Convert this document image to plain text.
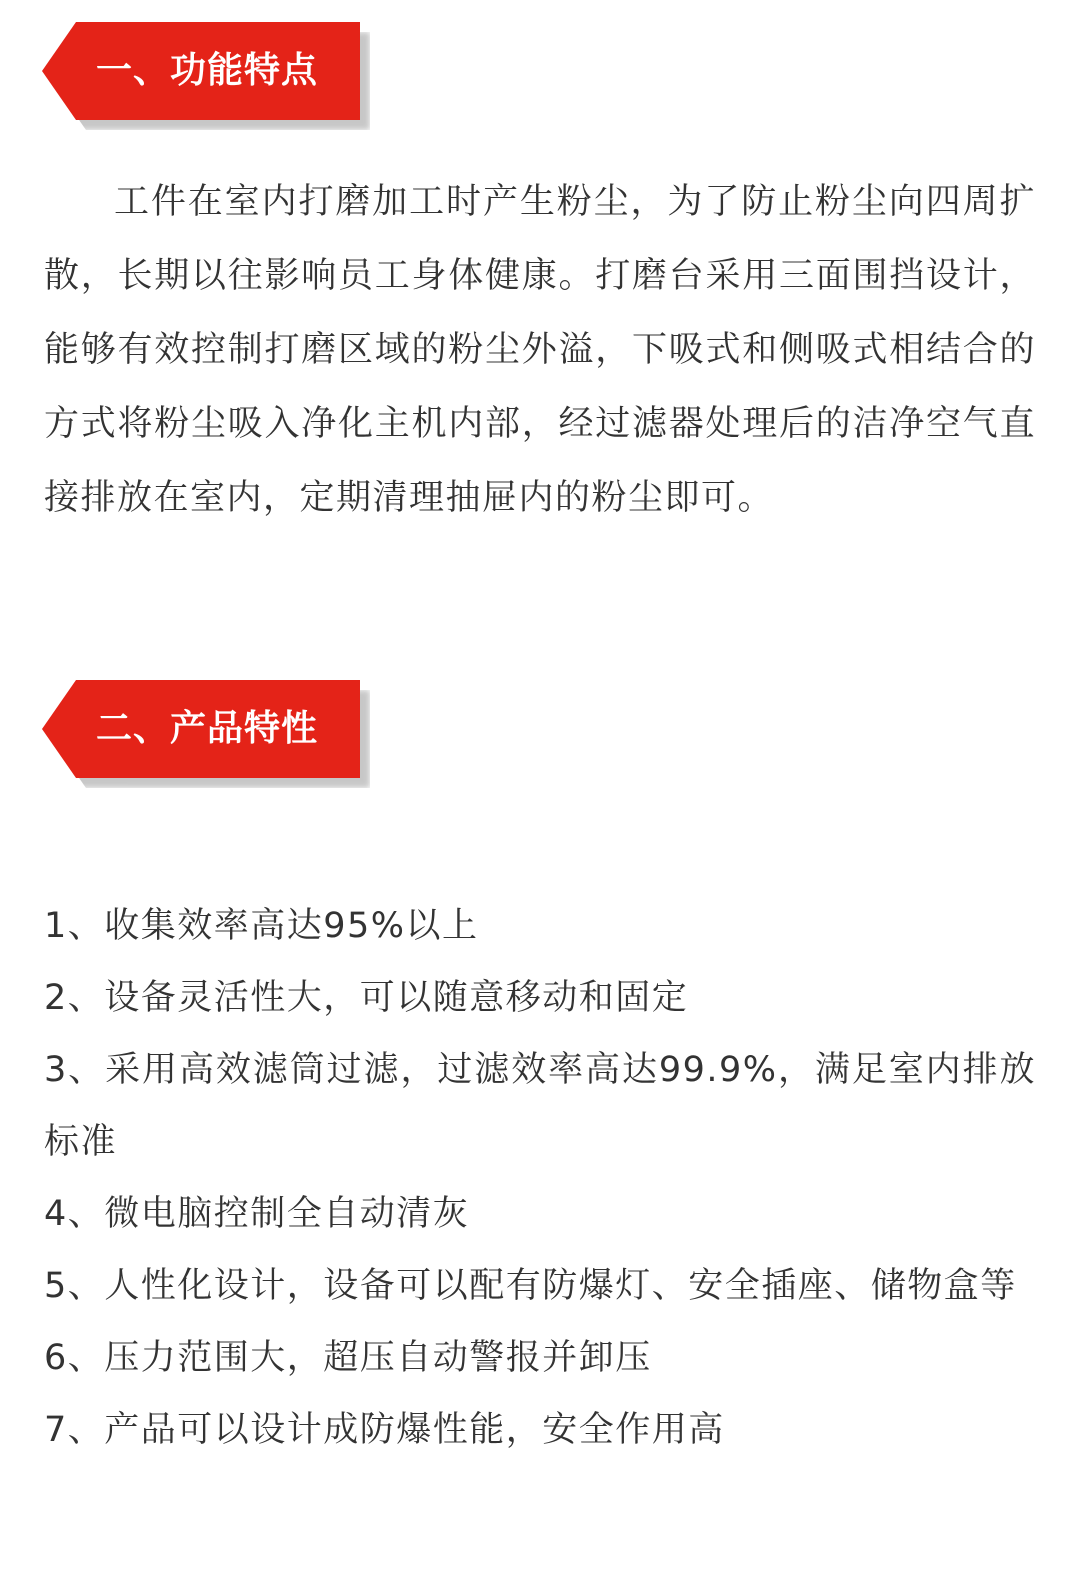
一、功能特点

工件在室内打磨加工时产生粉尘，为了防止粉尘向四周扩散，长期以往影响员工身体健康。打磨台采用三面围挡设计，能够有效控制打磨区域的粉尘外溢，下吸式和侧吸式相结合的方式将粉尘吸入净化主机内部，经过滤器处理后的洁净空气直接排放在室内，定期清理抽屉内的粉尘即可。

二、产品特性
1、收集效率高达95%以上
2、设备灵活性大，可以随意移动和固定
3、采用高效滤筒过滤，过滤效率高达99.9%，满足室内排放标准
4、微电脑控制全自动清灰
5、人性化设计，设备可以配有防爆灯、安全插座、储物盒等
6、压力范围大，超压自动警报并卸压
7、产品可以设计成防爆性能，安全作用高
